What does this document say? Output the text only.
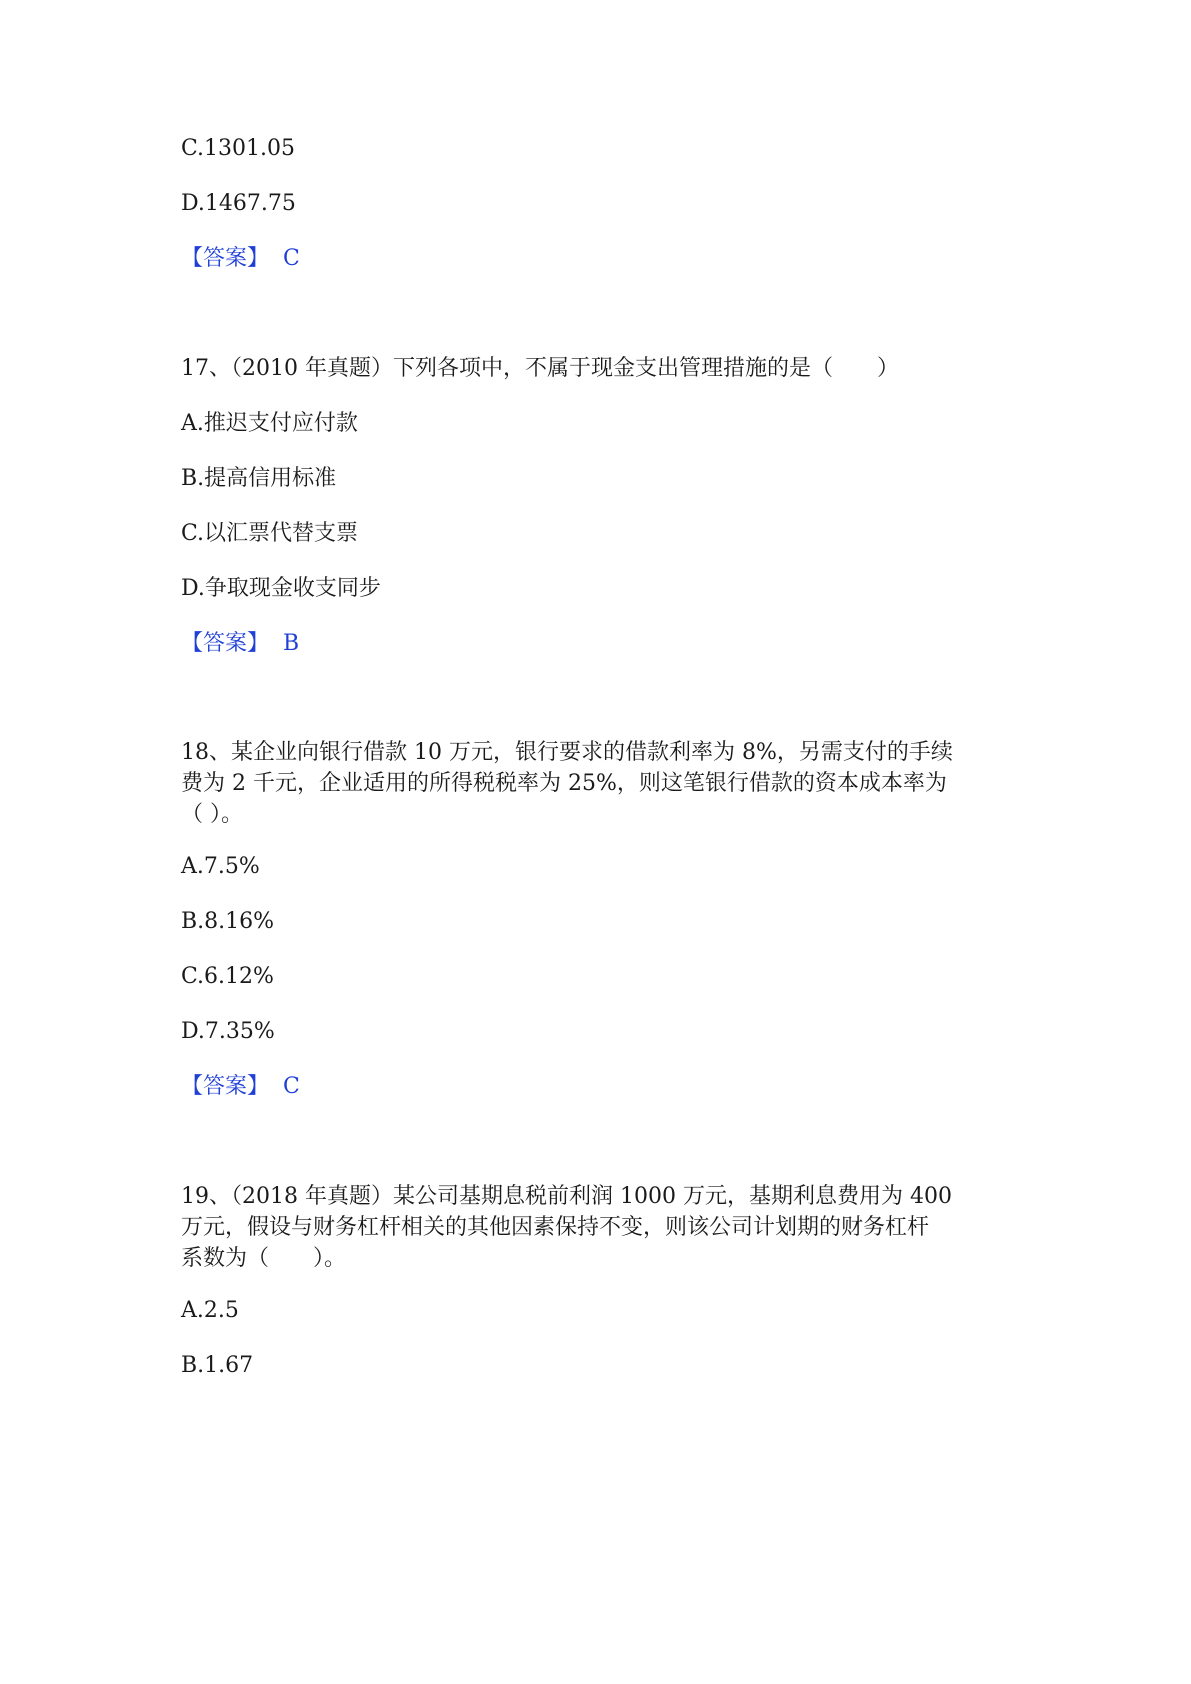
C.1301.05
D.1467.75
【答案】 C
17、（2010 年真题）下列各项中，不属于现金支出管理措施的是（　　）
A.推迟支付应付款
B.提高信用标准
C.以汇票代替支票
D.争取现金收支同步
【答案】 B
18、某企业向银行借款 10 万元，银行要求的借款利率为 8%，另需支付的手续
费为 2 千元，企业适用的所得税税率为 25%，则这笔银行借款的资本成本率为
（ ）。
A.7.5%
B.8.16%
C.6.12%
D.7.35%
【答案】 C
19、（2018 年真题）某公司基期息税前利润 1000 万元，基期利息费用为 400
万元，假设与财务杠杆相关的其他因素保持不变，则该公司计划期的财务杠杆
系数为（　　）。
A.2.5
B.1.67
